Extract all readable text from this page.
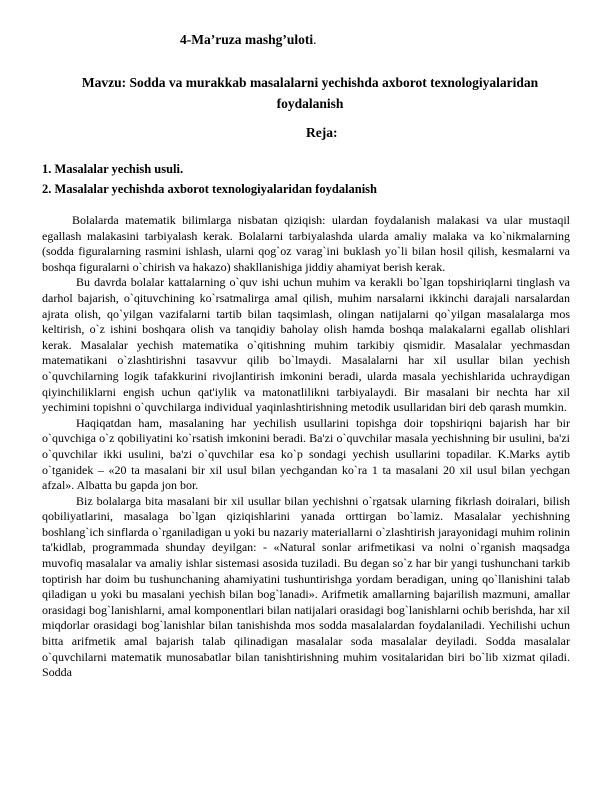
4-Ma’ruza mashg’uloti.
Mavzu: Sodda va murakkab masalalarni yechishda axborot texnologiyalaridan foydalanish
Reja:
1. Masalalar yechish usuli.
2. Masalalar yechishda axborot texnologiyalaridan foydalanish

Bolalarda matematik bilimlarga nisbatan qiziqish: ulardan foydalanish malakasi va ular mustaqil egallash malakasini tarbiyalash kerak. Bolalarni tarbiyalashda ularda amaliy malaka va ko`nikmalarning (sodda figuralarning rasmini ishlash, ularni qog`oz varag`ini buklash yo`li bilan hosil qilish, kesmalarni va boshqa figuralarni o`chirish va hakazo) shakllanishiga jiddiy ahamiyat berish kerak.

Bu davrda bolalar kattalarning o`quv ishi uchun muhim va kerakli bo`lgan topshiriqlarni tinglash va darhol bajarish, o`qituvchining ko`rsatmalirga amal qilish, muhim narsalarni ikkinchi darajali narsalardan ajrata olish, qo`yilgan vazifalarni tartib bilan taqsimlash, olingan natijalarni qo`yilgan masalalarga mos keltirish, o`z ishini boshqara olish va tanqidiy baholay olish hamda boshqa malakalarni egallab olishlari kerak. Masalalar yechish matematika o`qitishning muhim tarkibiy qismidir. Masalalar yechmasdan matematikani o`zlashtirishni tasavvur qilib bo`lmaydi. Masalalarni har xil usullar bilan yechish o`quvchilarning logik tafakkurini rivojlantirish imkonini beradi, ularda masala yechishlarida uchraydigan qiyinchiliklarni engish uchun qat'iylik va matonatlilikni tarbiyalaydi. Bir masalani bir nechta har xil yechimini topishni o`quvchilarga individual yaqinlashtirishning metodik usullaridan biri deb qarash mumkin.

Haqiqatdan ham, masalaning har yechilish usullarini topishga doir topshiriqni bajarish har bir o`quvchiga o`z qobiliyatini ko`rsatish imkonini beradi. Ba'zi o`quvchilar masala yechishning bir usulini, ba'zi o`quvchilar ikki usulini, ba'zi o`quvchilar esa ko`p sondagi yechish usullarini topadilar. K.Marks aytib o`tganidek – «20 ta masalani bir xil usul bilan yechgandan ko`ra 1 ta masalani 20 xil usul bilan yechgan afzal». Albatta bu gapda jon bor.

Biz bolalarga bita masalani bir xil usullar bilan yechishni o`rgatsak ularning fikrlash doiralari, bilish qobiliyatlarini, masalaga bo`lgan qiziqishlarini yanada orttirgan bo`lamiz. Masalalar yechishning boshlang`ich sinflarda o`rganiladigan u yoki bu nazariy materiallarni o`zlashtirish jarayonidagi muhim rolinin ta'kidlab, programmada shunday deyilgan: - «Natural sonlar arifmetikasi va nolni o`rganish maqsadga muvofiq masalalar va amaliy ishlar sistemasi asosida tuziladi. Bu degan so`z har bir yangi tushunchani tarkib toptirish har doim bu tushunchaning ahamiyatini tushuntirishga yordam beradigan, uning qo`llanishini talab qiladigan u yoki bu masalani yechish bilan bog`lanadi». Arifmetik amallarning bajarilish mazmuni, amallar orasidagi bog`lanishlarni, amal komponentlari bilan natijalari orasidagi bog`lanishlarni ochib berishda, har xil miqdorlar orasidagi bog`lanishlar bilan tanishishda mos sodda masalalardan foydalaniladi. Yechilishi uchun bitta arifmetik amal bajarish talab qilinadigan masalalar soda masalalar deyiladi. Sodda masalalar o`quvchilarni matematik munosabatlar bilan tanishtirishning muhim vositalaridan biri bo`lib xizmat qiladi. Sodda
